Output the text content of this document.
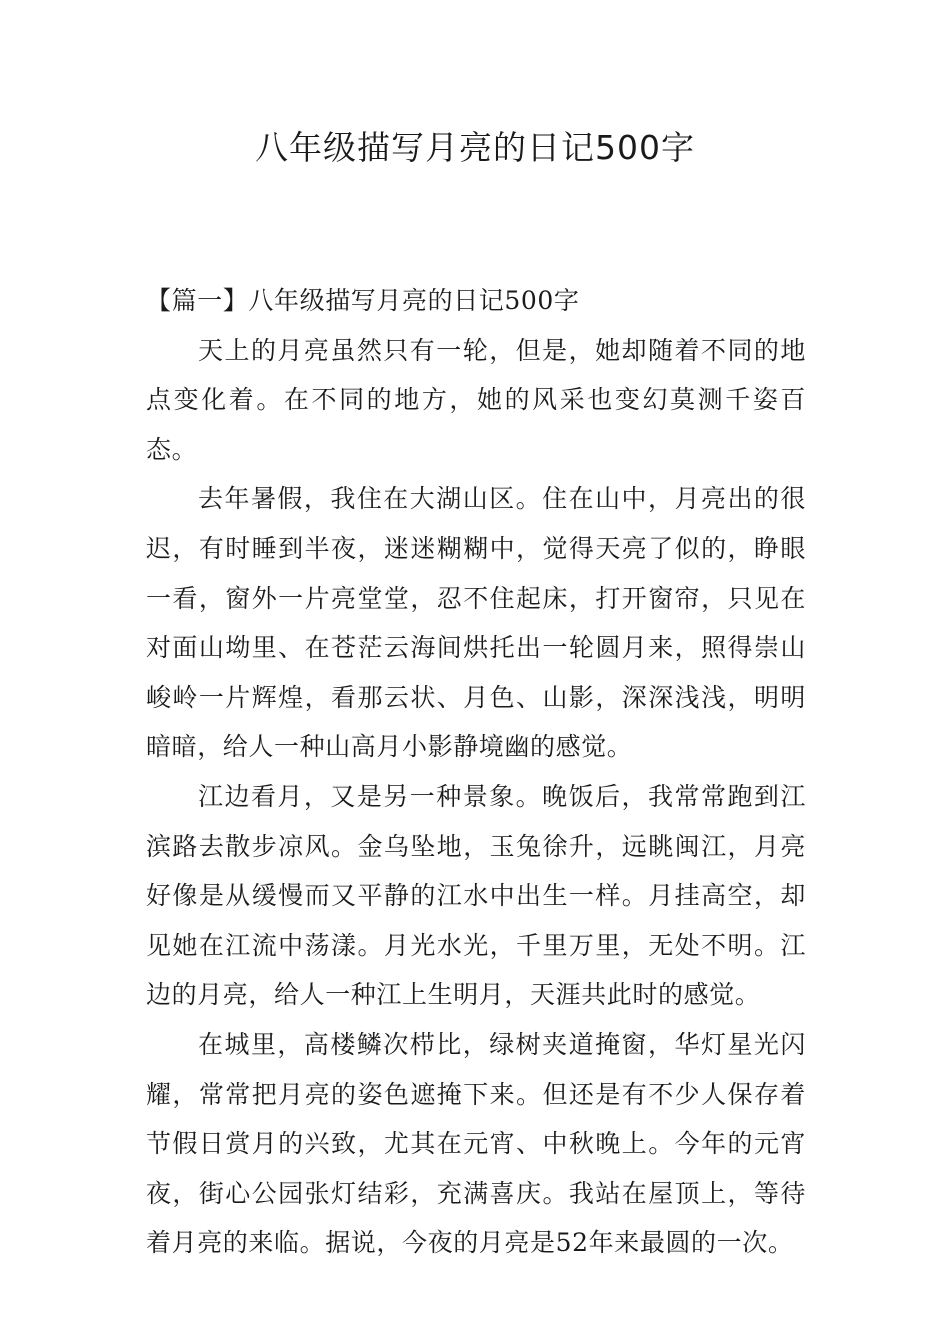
八年级描写月亮的日记500字

【篇一】八年级描写月亮的日记500字

天上的月亮虽然只有一轮，但是，她却随着不同的地点变化着。在不同的地方，她的风采也变幻莫测千姿百态。

去年暑假，我住在大湖山区。住在山中，月亮出的很迟，有时睡到半夜，迷迷糊糊中，觉得天亮了似的，睁眼一看，窗外一片亮堂堂，忍不住起床，打开窗帘，只见在对面山坳里、在苍茫云海间烘托出一轮圆月来，照得崇山峻岭一片辉煌，看那云状、月色、山影，深深浅浅，明明暗暗，给人一种山高月小影静境幽的感觉。

江边看月，又是另一种景象。晚饭后，我常常跑到江滨路去散步凉风。金乌坠地，玉兔徐升，远眺闽江，月亮好像是从缓慢而又平静的江水中出生一样。月挂高空，却见她在江流中荡漾。月光水光，千里万里，无处不明。江边的月亮，给人一种江上生明月，天涯共此时的感觉。

在城里，高楼鳞次栉比，绿树夹道掩窗，华灯星光闪耀，常常把月亮的姿色遮掩下来。但还是有不少人保存着节假日赏月的兴致，尤其在元宵、中秋晚上。今年的元宵夜，街心公园张灯结彩，充满喜庆。我站在屋顶上，等待着月亮的来临。据说，今夜的月亮是52年来最圆的一次。
